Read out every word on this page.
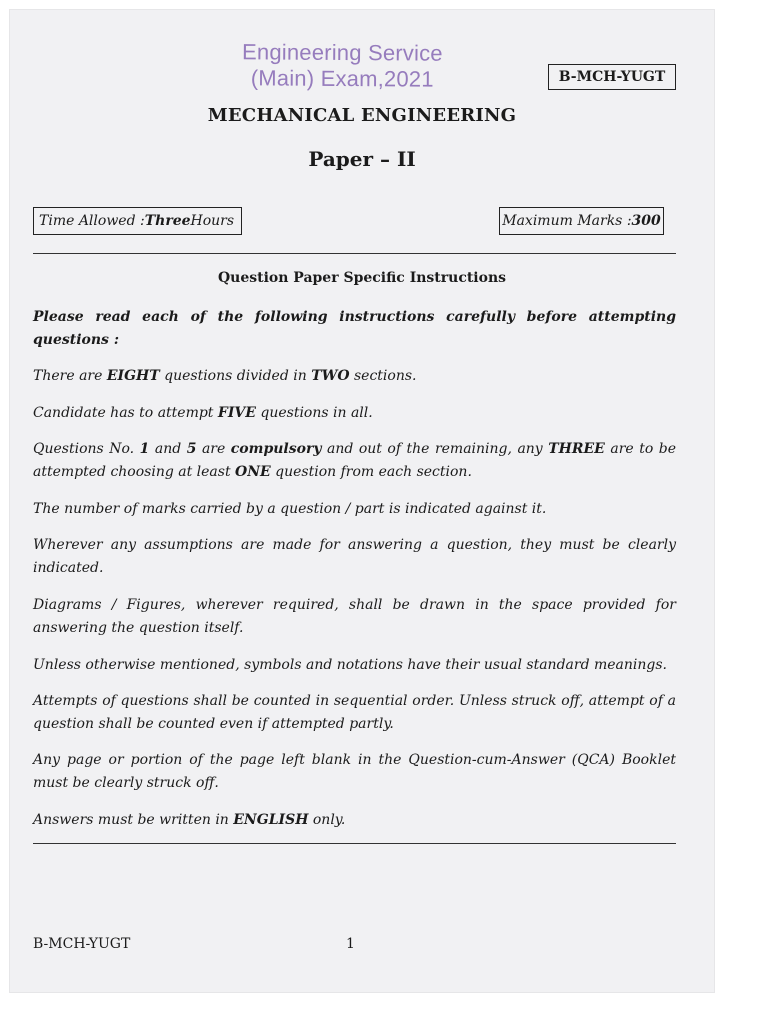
Engineering Service
(Main) Exam,2021	B-MCH-YUGT
MECHANICAL ENGINEERING
Paper – II
Time Allowed : Three Hours	Maximum Marks : 300
Question Paper Specific Instructions
Please read each of the following instructions carefully before attempting questions :
There are EIGHT questions divided in TWO sections.
Candidate has to attempt FIVE questions in all.
Questions No. 1 and 5 are compulsory and out of the remaining, any THREE are to be attempted choosing at least ONE question from each section.
The number of marks carried by a question / part is indicated against it.
Wherever any assumptions are made for answering a question, they must be clearly indicated.
Diagrams / Figures, wherever required, shall be drawn in the space provided for answering the question itself.
Unless otherwise mentioned, symbols and notations have their usual standard meanings.
Attempts of questions shall be counted in sequential order. Unless struck off, attempt of a question shall be counted even if attempted partly.
Any page or portion of the page left blank in the Question-cum-Answer (QCA) Booklet must be clearly struck off.
Answers must be written in ENGLISH only.
B-MCH-YUGT	1
